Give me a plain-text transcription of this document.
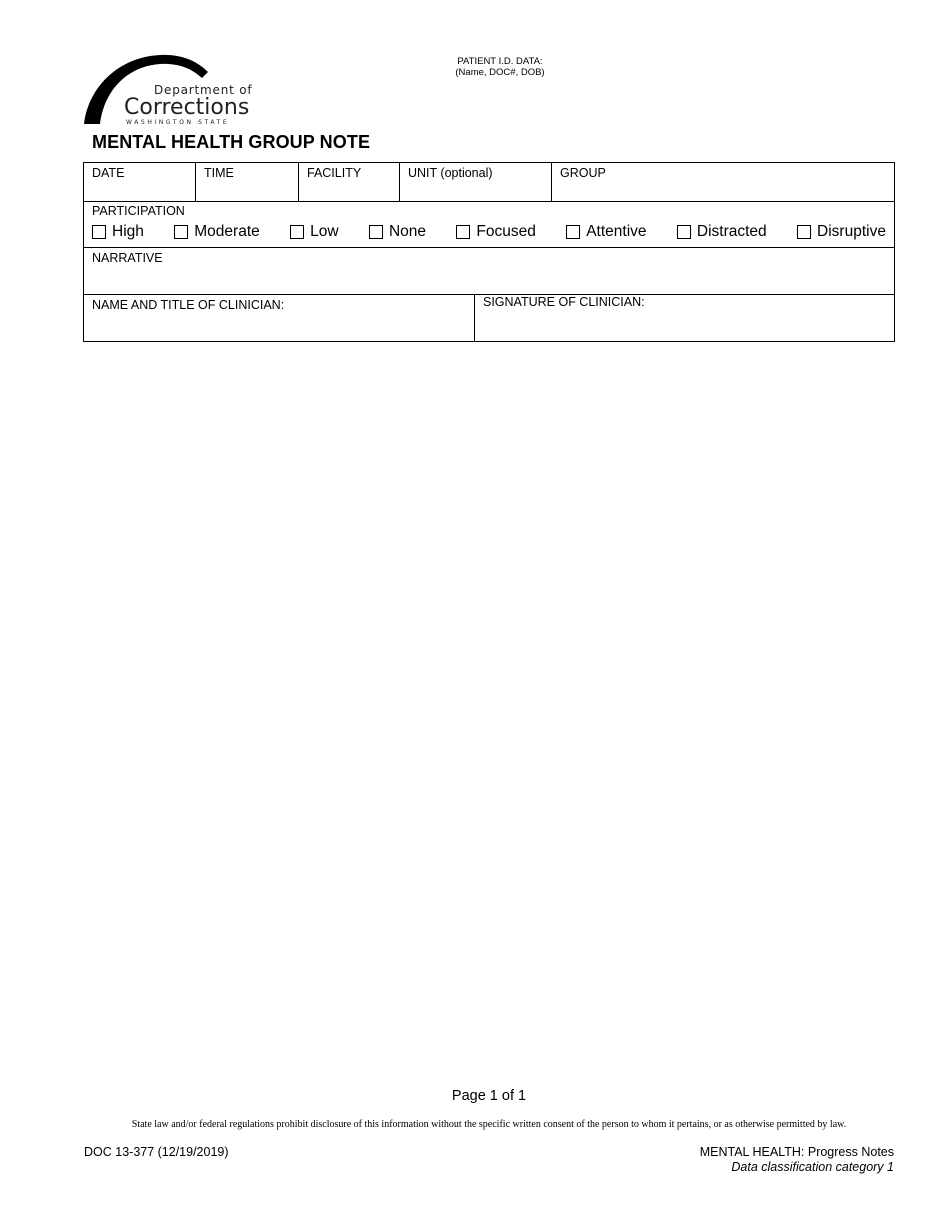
Department of
Corrections
WASHINGTON STATE
PATIENT I.D. DATA:
(Name, DOC#, DOB)
MENTAL HEALTH GROUP NOTE
DATE	TIME	FACILITY	UNIT (optional)	GROUP
PARTICIPATION
High	Moderate	Low	None	Focused	Attentive	Distracted	Disruptive
NARRATIVE
NAME AND TITLE OF CLINICIAN:	SIGNATURE OF CLINICIAN:
Page 1 of 1
State law and/or federal regulations prohibit disclosure of this information without the specific written consent of the person to whom it pertains, or as otherwise permitted by law.
DOC 13-377 (12/19/2019)	MENTAL HEALTH: Progress Notes
Data classification category 1
